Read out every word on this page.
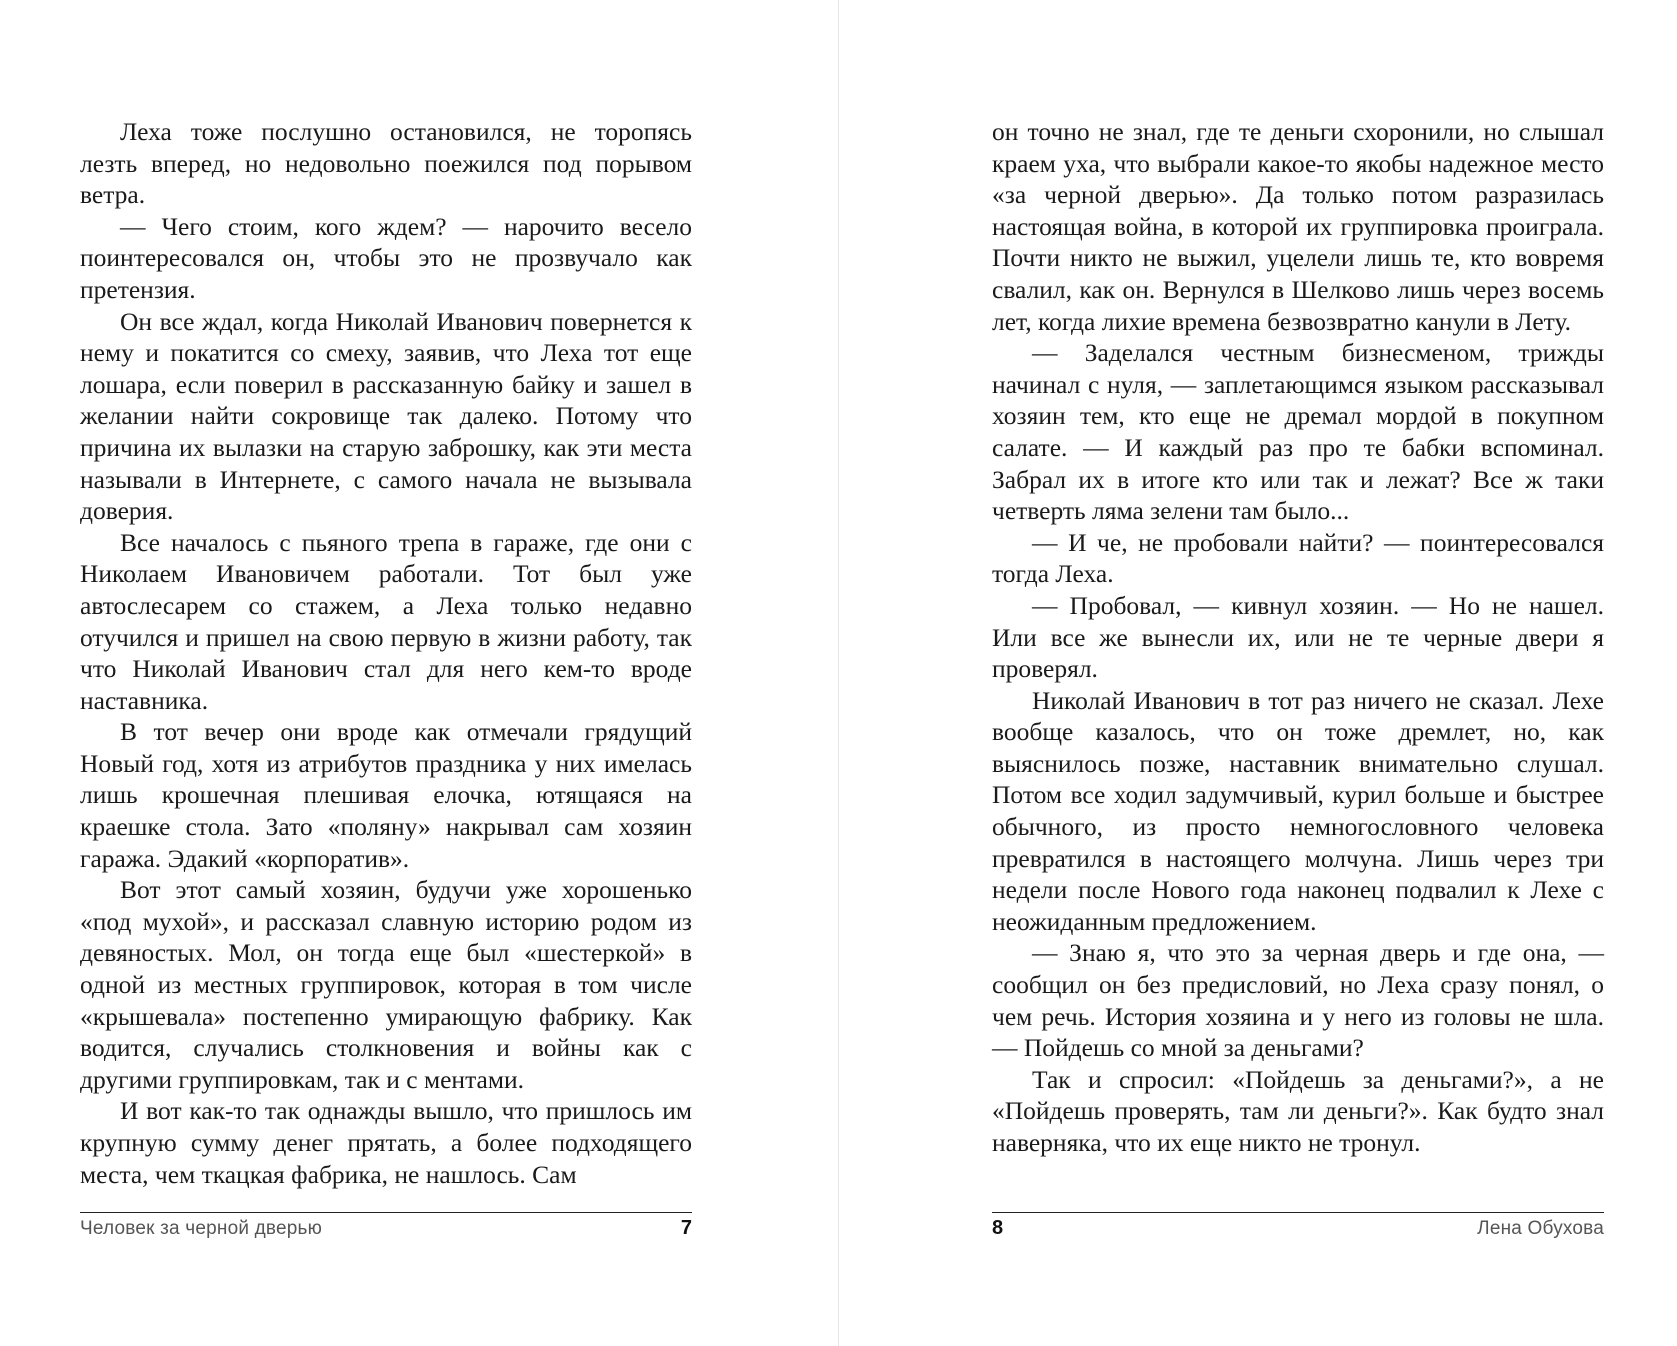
Леха тоже послушно остановился, не торопясь лезть вперед, но недовольно поежился под порывом ветра.

— Чего стоим, кого ждем? — нарочито весело поинтересовался он, чтобы это не прозвучало как претензия.

Он все ждал, когда Николай Иванович повернется к нему и покатится со смеху, заявив, что Леха тот еще лошара, если поверил в рассказанную байку и зашел в желании найти сокровище так далеко. Потому что причина их вылазки на старую заброшку, как эти места называли в Интернете, с самого начала не вызывала доверия.

Все началось с пьяного трепа в гараже, где они с Николаем Ивановичем работали. Тот был уже автослесарем со стажем, а Леха только недавно отучился и пришел на свою первую в жизни работу, так что Николай Иванович стал для него кем-то вроде наставника.

В тот вечер они вроде как отмечали грядущий Новый год, хотя из атрибутов праздника у них имелась лишь крошечная плешивая елочка, ютящаяся на краешке стола. Зато «поляну» накрывал сам хозяин гаража. Эдакий «корпоратив».

Вот этот самый хозяин, будучи уже хорошенько «под мухой», и рассказал славную историю родом из девяностых. Мол, он тогда еще был «шестеркой» в одной из местных группировок, которая в том числе «крышевала» постепенно умирающую фабрику. Как водится, случались столкновения и войны как с другими группировкам, так и с ментами.

И вот как-то так однажды вышло, что пришлось им крупную сумму денег прятать, а более подходящего места, чем ткацкая фабрика, не нашлось. Сам

Человек за черной дверью	7

он точно не знал, где те деньги схоронили, но слышал краем уха, что выбрали какое-то якобы надежное место «за черной дверью». Да только потом разразилась настоящая война, в которой их группировка проиграла. Почти никто не выжил, уцелели лишь те, кто вовремя свалил, как он. Вернулся в Шелково лишь через восемь лет, когда лихие времена безвозвратно канули в Лету.

— Заделался честным бизнесменом, трижды начинал с нуля, — заплетающимся языком рассказывал хозяин тем, кто еще не дремал мордой в покупном салате. — И каждый раз про те бабки вспоминал. Забрал их в итоге кто или так и лежат? Все ж таки четверть ляма зелени там было...

— И че, не пробовали найти? — поинтересовался тогда Леха.

— Пробовал, — кивнул хозяин. — Но не нашел. Или все же вынесли их, или не те черные двери я проверял.

Николай Иванович в тот раз ничего не сказал. Лехе вообще казалось, что он тоже дремлет, но, как выяснилось позже, наставник внимательно слушал. Потом все ходил задумчивый, курил больше и быстрее обычного, из просто немногословного человека превратился в настоящего молчуна. Лишь через три недели после Нового года наконец подвалил к Лехе с неожиданным предложением.

— Знаю я, что это за черная дверь и где она, — сообщил он без предисловий, но Леха сразу понял, о чем речь. История хозяина и у него из головы не шла. — Пойдешь со мной за деньгами?

Так и спросил: «Пойдешь за деньгами?», а не «Пойдешь проверять, там ли деньги?». Как будто знал наверняка, что их еще никто не тронул.

8	Лена Обухова
